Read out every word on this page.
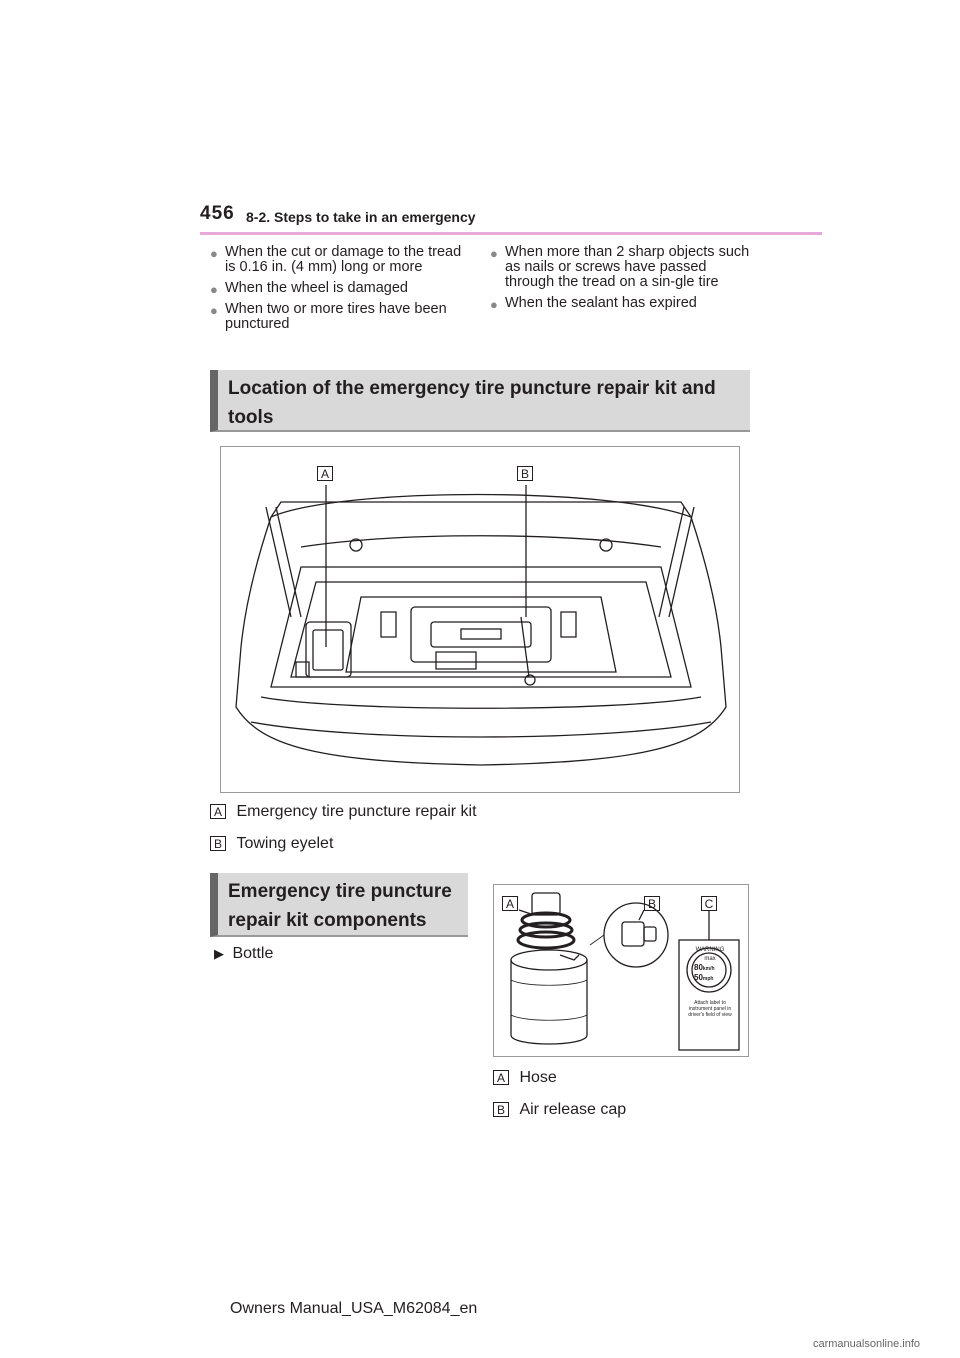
456 8-2. Steps to take in an emergency
● When the cut or damage to the tread is 0.16 in. (4 mm) long or more
● When the wheel is damaged
● When two or more tires have been punctured
● When more than 2 sharp objects such as nails or screws have passed through the tread on a sin-gle tire
● When the sealant has expired
Location of the emergency tire puncture repair kit and tools
A	B
A Emergency tire puncture repair kit
B Towing eyelet
Emergency tire puncture repair kit components
▶ Bottle
A	B	C
WARNING
max
80km/h
50mph
Attach label to instrument panel in driver's field of view
A Hose
B Air release cap
Owners Manual_USA_M62084_en
carmanualsonline.info
